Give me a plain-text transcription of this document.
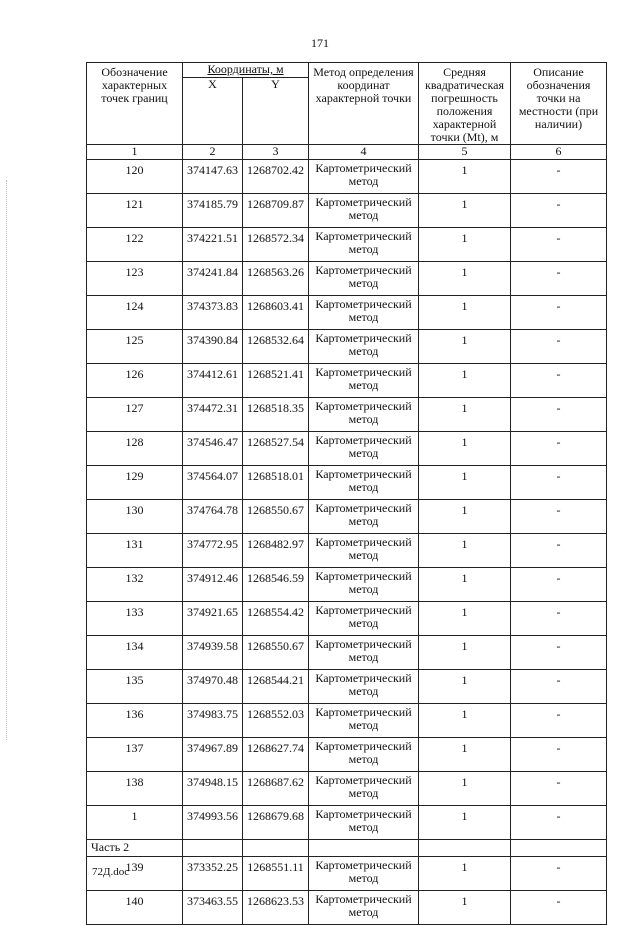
171
Обозначение характерных точек границ	Координаты, м		Метод определения координат характерной точки	Средняя квадратическая погрешность положения характерной точки (Mt), м	Описание обозначения точки на местности (при наличии)
	X	Y			
1	2	3	4	5	6
120	374147.63	1268702.42	Картометрический метод	1	-
121	374185.79	1268709.87	Картометрический метод	1	-
122	374221.51	1268572.34	Картометрический метод	1	-
123	374241.84	1268563.26	Картометрический метод	1	-
124	374373.83	1268603.41	Картометрический метод	1	-
125	374390.84	1268532.64	Картометрический метод	1	-
126	374412.61	1268521.41	Картометрический метод	1	-
127	374472.31	1268518.35	Картометрический метод	1	-
128	374546.47	1268527.54	Картометрический метод	1	-
129	374564.07	1268518.01	Картометрический метод	1	-
130	374764.78	1268550.67	Картометрический метод	1	-
131	374772.95	1268482.97	Картометрический метод	1	-
132	374912.46	1268546.59	Картометрический метод	1	-
133	374921.65	1268554.42	Картометрический метод	1	-
134	374939.58	1268550.67	Картометрический метод	1	-
135	374970.48	1268544.21	Картометрический метод	1	-
136	374983.75	1268552.03	Картометрический метод	1	-
137	374967.89	1268627.74	Картометрический метод	1	-
138	374948.15	1268687.62	Картометрический метод	1	-
1	374993.56	1268679.68	Картометрический метод	1	-
Часть 2					
139	373352.25	1268551.11	Картометрический метод	1	-
140	373463.55	1268623.53	Картометрический метод	1	-
72Д.doc
